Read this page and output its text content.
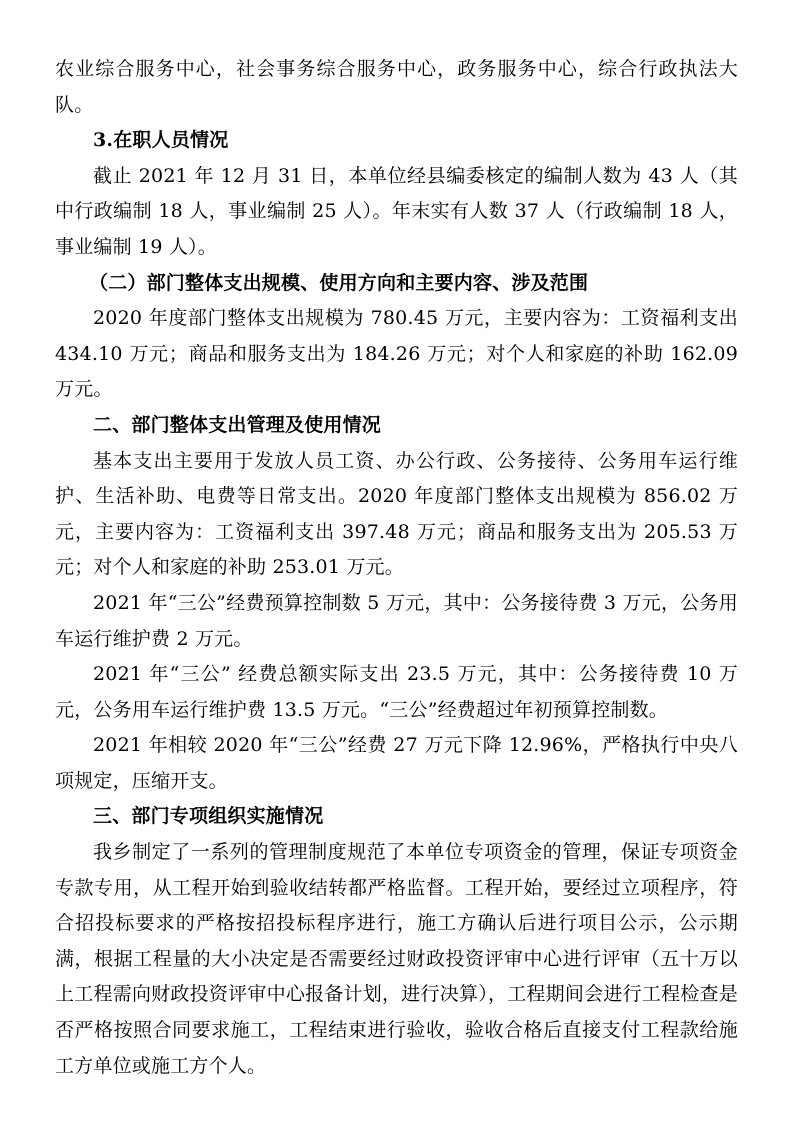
农业综合服务中心，社会事务综合服务中心，政务服务中心，综合行政执法大队。

3.在职人员情况

截止 2021 年 12 月 31 日，本单位经县编委核定的编制人数为 43 人（其中行政编制 18 人，事业编制 25 人）。年末实有人数 37 人（行政编制 18 人，事业编制 19 人）。

（二）部门整体支出规模、使用方向和主要内容、涉及范围

2020 年度部门整体支出规模为 780.45 万元，主要内容为：工资福利支出 434.10 万元；商品和服务支出为 184.26 万元；对个人和家庭的补助 162.09 万元。

二、部门整体支出管理及使用情况

基本支出主要用于发放人员工资、办公行政、公务接待、公务用车运行维护、生活补助、电费等日常支出。2020 年度部门整体支出规模为 856.02 万元，主要内容为：工资福利支出 397.48 万元；商品和服务支出为 205.53 万元；对个人和家庭的补助 253.01 万元。

2021 年“三公”经费预算控制数 5 万元，其中：公务接待费 3 万元，公务用车运行维护费 2 万元。

2021 年“三公” 经费总额实际支出 23.5 万元，其中：公务接待费 10 万元，公务用车运行维护费 13.5 万元。“三公”经费超过年初预算控制数。

2021 年相较 2020 年“三公”经费 27 万元下降 12.96%，严格执行中央八项规定，压缩开支。

三、部门专项组织实施情况

我乡制定了一系列的管理制度规范了本单位专项资金的管理，保证专项资金专款专用，从工程开始到验收结转都严格监督。工程开始，要经过立项程序，符合招投标要求的严格按招投标程序进行，施工方确认后进行项目公示，公示期满，根据工程量的大小决定是否需要经过财政投资评审中心进行评审（五十万以上工程需向财政投资评审中心报备计划，进行决算），工程期间会进行工程检查是否严格按照合同要求施工，工程结束进行验收，验收合格后直接支付工程款给施工方单位或施工方个人。
